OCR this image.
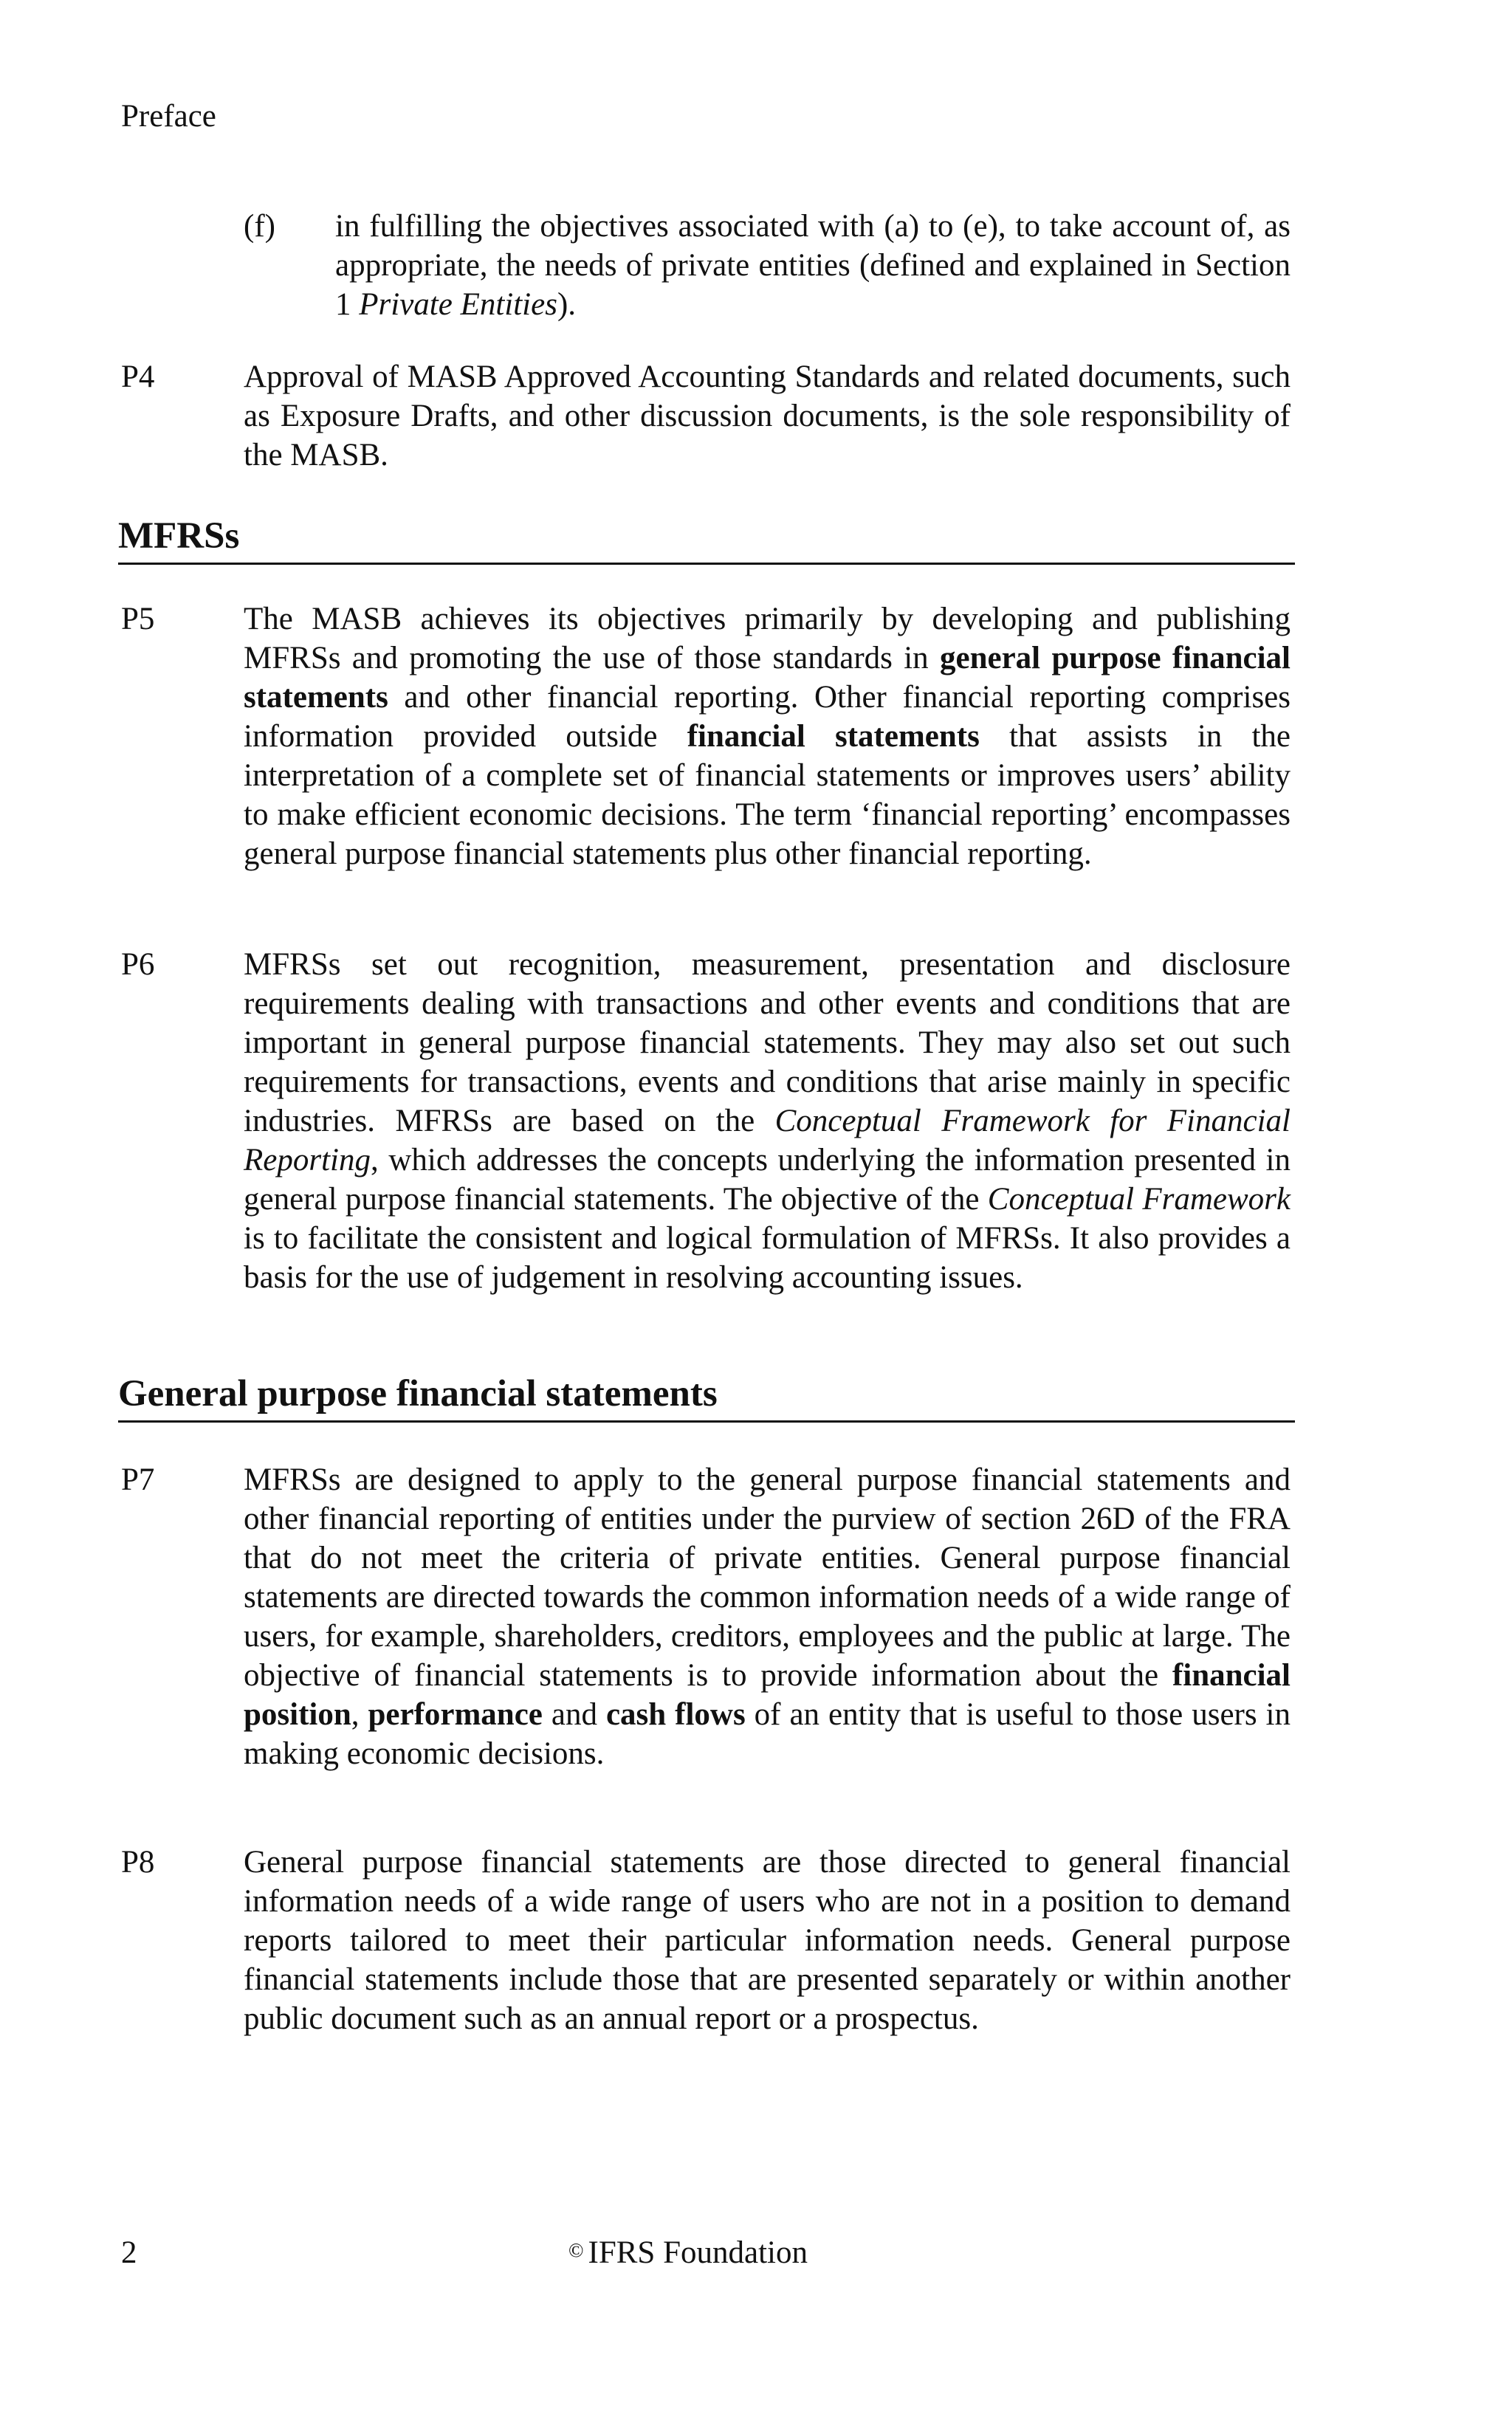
Preface
(f)	in fulfilling the objectives associated with (a) to (e), to take account of, as appropriate, the needs of private entities (defined and explained in Section 1 Private Entities).
P4	Approval of MASB Approved Accounting Standards and related documents, such as Exposure Drafts, and other discussion documents, is the sole responsibility of the MASB.
MFRSs
P5	The MASB achieves its objectives primarily by developing and publishing MFRSs and promoting the use of those standards in general purpose financial statements and other financial reporting. Other financial reporting comprises information provided outside financial statements that assists in the interpretation of a complete set of financial statements or improves users’ ability to make efficient economic decisions. The term ‘financial reporting’ encompasses general purpose financial statements plus other financial reporting.
P6	MFRSs set out recognition, measurement, presentation and disclosure requirements dealing with transactions and other events and conditions that are important in general purpose financial statements. They may also set out such requirements for transactions, events and conditions that arise mainly in specific industries. MFRSs are based on the Conceptual Framework for Financial Reporting, which addresses the concepts underlying the information presented in general purpose financial statements. The objective of the Conceptual Framework is to facilitate the consistent and logical formulation of MFRSs. It also provides a basis for the use of judgement in resolving accounting issues.
General purpose financial statements
P7	MFRSs are designed to apply to the general purpose financial statements and other financial reporting of entities under the purview of section 26D of the FRA that do not meet the criteria of private entities. General purpose financial statements are directed towards the common information needs of a wide range of users, for example, shareholders, creditors, employees and the public at large. The objective of financial statements is to provide information about the financial position, performance and cash flows of an entity that is useful to those users in making economic decisions.
P8	General purpose financial statements are those directed to general financial information needs of a wide range of users who are not in a position to demand reports tailored to meet their particular information needs. General purpose financial statements include those that are presented separately or within another public document such as an annual report or a prospectus.
2	© IFRS Foundation
